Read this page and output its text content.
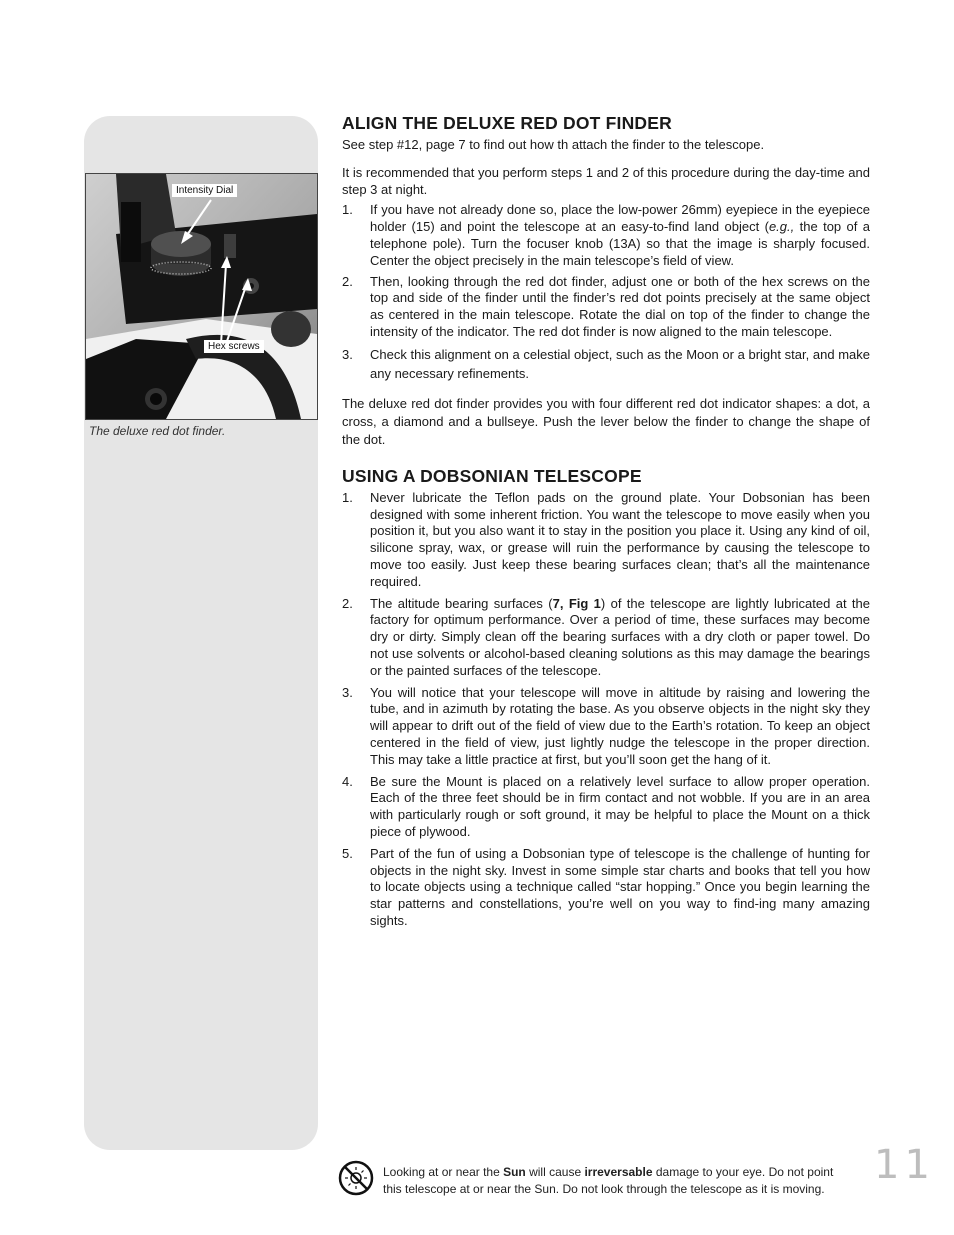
Intensity Dial
Hex screws
The deluxe red dot finder.
ALIGN THE DELUXE RED DOT FINDER

See step #12, page 7 to find out how th attach the finder to the telescope.

It is recommended that you perform steps 1 and 2 of this procedure during the day-time and step 3 at night.

1. If you have not already done so, place the low-power 26mm) eyepiece in the eyepiece holder (15) and point the telescope at an easy-to-find land object (e.g., the top of a telephone pole). Turn the focuser knob (13A) so that the image is sharply focused. Center the object precisely in the main telescope’s field of view.
2. Then, looking through the red dot finder, adjust one or both of the hex screws on the top and side of the finder until the finder’s red dot points precisely at the same object as centered in the main telescope. Rotate the dial on top of the finder to change the intensity of the indicator. The red dot finder is now aligned to the main telescope.
3. Check this alignment on a celestial object, such as the Moon or a bright star, and make any necessary refinements.

The deluxe red dot finder provides you with four different red dot indicator shapes: a dot, a cross, a diamond and a bullseye. Push the lever below the finder to change the shape of the dot.

USING A DOBSONIAN TELESCOPE
1. Never lubricate the Teflon pads on the ground plate. Your Dobsonian has been designed with some inherent friction. You want the telescope to move easily when you position it, but you also want it to stay in the position you place it. Using any kind of oil, silicone spray, wax, or grease will ruin the performance by causing the telescope to move too easily. Just keep these bearing surfaces clean; that’s all the maintenance required.
2. The altitude bearing surfaces (7, Fig 1) of the telescope are lightly lubricated at the factory for optimum performance. Over a period of time, these surfaces may become dry or dirty. Simply clean off the bearing surfaces with a dry cloth or paper towel. Do not use solvents or alcohol-based cleaning solutions as this may damage the bearings or the painted surfaces of the telescope.
3. You will notice that your telescope will move in altitude by raising and lowering the tube, and in azimuth by rotating the base. As you observe objects in the night sky they will appear to drift out of the field of view due to the Earth’s rotation. To keep an object centered in the field of view, just lightly nudge the telescope in the proper direction. This may take a little practice at first, but you’ll soon get the hang of it.
4. Be sure the Mount is placed on a relatively level surface to allow proper operation. Each of the three feet should be in firm contact and not wobble. If you are in an area with particularly rough or soft ground, it may be helpful to place the Mount on a thick piece of plywood.
5. Part of the fun of using a Dobsonian type of telescope is the challenge of hunting for objects in the night sky. Invest in some simple star charts and books that tell you how to locate objects using a technique called “star hopping.” Once you begin learning the star patterns and constellations, you’re well on you way to find-ing many amazing sights.
Looking at or near the Sun will cause irreversable damage to your eye. Do not point this telescope at or near the Sun. Do not look through the telescope as it is moving.
11
